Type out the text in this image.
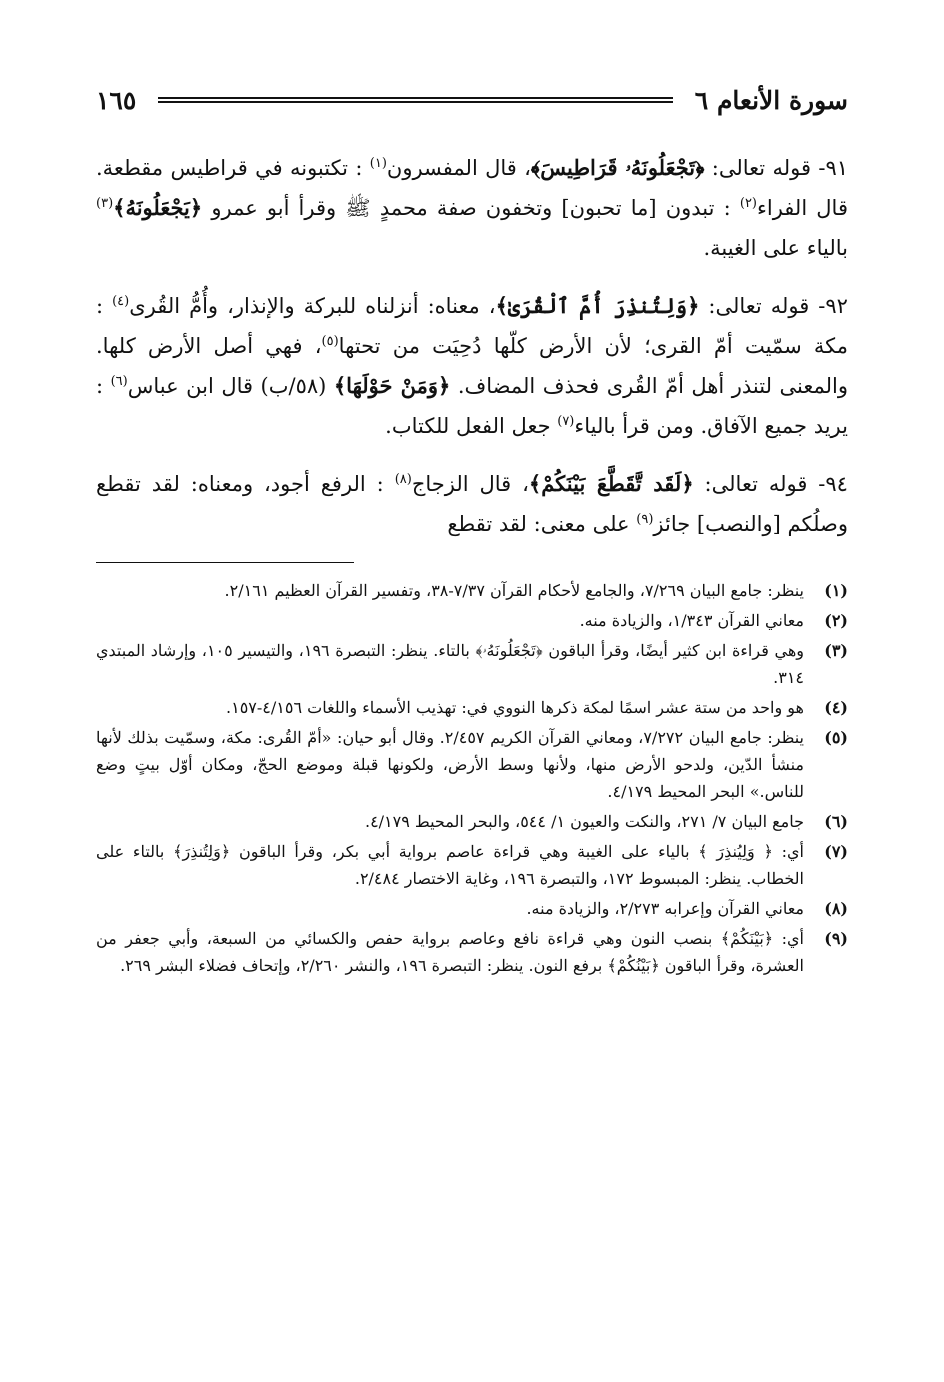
سورة الأنعام ٦
١٦٥

٩١- قوله تعالى: ﴿تَجْعَلُونَهُۥ قَرَاطِيسَ﴾، قال المفسرون$^{(١)}$ : تكتبونه في قراطيس مقطعة. قال الفراء$^{(٢)}$ : تبدون [ما تحبون] وتخفون صفة محمدٍ ﷺ وقرأ أبو عمرو ﴿يَجْعَلُونَهُ﴾$^{(٣)}$ بالياء على الغيبة.

٩٢- قوله تعالى: ﴿وَلِتُنذِرَ أُمَّ ٱلْقُرَىٰ﴾، معناه: أنزلناه للبركة والإنذار، وأُمُّ القُرى$^{(٤)}$ : مكة سمّيت أمّ القرى؛ لأن الأرض كلّها دُحِيَت من تحتها$^{(٥)}$، فهي أصل الأرض كلها. والمعنى لتنذر أهل أمّ القُرى فحذف المضاف. ﴿وَمَنْ حَوْلَهَا﴾ (٥٨/ب) قال ابن عباس$^{(٦)}$ : يريد جميع الآفاق. ومن قرأ بالياء$^{(٧)}$ جعل الفعل للكتاب.

٩٤- قوله تعالى: ﴿لَقَد تَّقَطَّعَ بَيْنَكُمْ﴾، قال الزجاج$^{(٨)}$ : الرفع أجود، ومعناه: لقد تقطع وصلُكم [والنصب] جائز$^{(٩)}$ على معنى: لقد تقطع

(١)
ينظر: جامع البيان ٧/٢٦٩، والجامع لأحكام القرآن ٧/٣٧-٣٨، وتفسير القرآن العظيم ٢/١٦١.
(٢)
معاني القرآن ١/٣٤٣، والزيادة منه.
(٣)
وهي قراءة ابن كثير أيضًا، وقرأ الباقون ﴿تَجْعَلُونَهُۥ﴾ بالتاء. ينظر: التبصرة ١٩٦، والتيسير ١٠٥، وإرشاد المبتدي ٣١٤.
(٤)
هو واحد من ستة عشر اسمًا لمكة ذكرها النووي في: تهذيب الأسماء واللغات ٤/١٥٦-١٥٧.
(٥)
ينظر: جامع البيان ٧/٢٧٢، ومعاني القرآن الكريم ٢/٤٥٧. وقال أبو حيان: «أمّ القُرى: مكة، وسمّيت بذلك لأنها منشأ الدّين، ولدحو الأرض منها، ولأنها وسط الأرض، ولكونها قبلة وموضع الحجّ، ومكان أوّل بيتٍ وضع للناس.» البحر المحيط ٤/١٧٩.
(٦)
جامع البيان ٧/ ٢٧١، والنكت والعيون ١/ ٥٤٤، والبحر المحيط ٤/١٧٩.
(٧)
أي: ﴿ وَلِيُنذِرَ ﴾ بالياء على الغيبة وهي قراءة عاصم برواية أبي بكر، وقرأ الباقون ﴿وَلِتُنذِرَ﴾ بالتاء على الخطاب. ينظر: المبسوط ١٧٢، والتبصرة ١٩٦، وغاية الاختصار ٢/٤٨٤.
(٨)
معاني القرآن وإعرابه ٢/٢٧٣، والزيادة منه.
(٩)
أي: ﴿بَيْنَكُمْ﴾ بنصب النون وهي قراءة نافع وعاصم برواية حفص والكسائي من السبعة، وأبي جعفر من العشرة، وقرأ الباقون ﴿بَيْنُكُمْ﴾ برفع النون. ينظر: التبصرة ١٩٦، والنشر ٢/٢٦٠، وإتحاف فضلاء البشر ٢٦٩.
